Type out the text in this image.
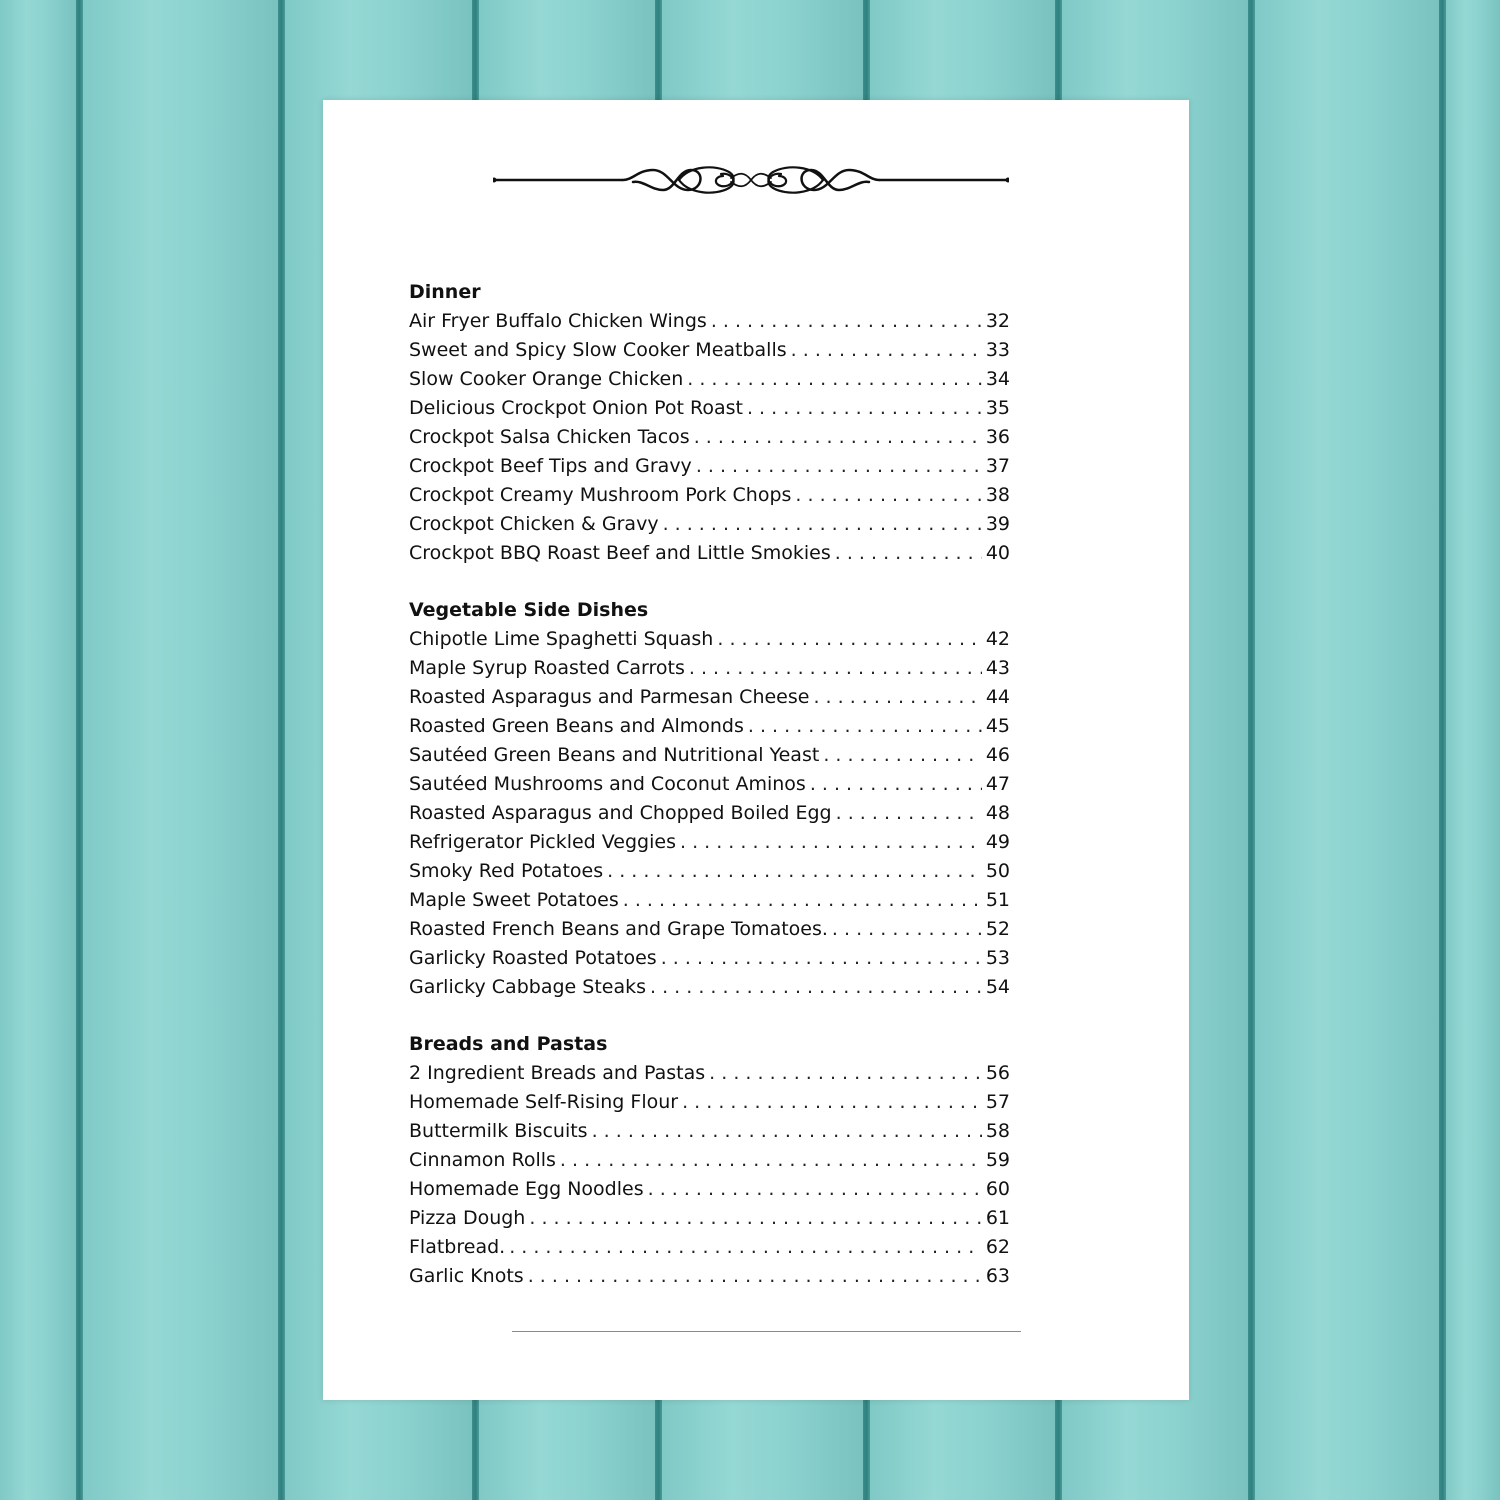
Dinner
Air Fryer Buffalo Chicken Wings . . .	32
Sweet and Spicy Slow Cooker Meatballs . . .	33
Slow Cooker Orange Chicken . . .	34
Delicious Crockpot Onion Pot Roast . . .	35
Crockpot Salsa Chicken Tacos . . .	36
Crockpot Beef Tips and Gravy . . .	37
Crockpot Creamy Mushroom Pork Chops . . .	38
Crockpot Chicken & Gravy . . .	39
Crockpot BBQ Roast Beef and Little Smokies . . .	40
Vegetable Side Dishes
Chipotle Lime Spaghetti Squash . . .	42
Maple Syrup Roasted Carrots . . .	43
Roasted Asparagus and Parmesan Cheese . . .	44
Roasted Green Beans and Almonds . . .	45
Sautéed Green Beans and Nutritional Yeast . . .	46
Sautéed Mushrooms and Coconut Aminos . . .	47
Roasted Asparagus and Chopped Boiled Egg . . .	48
Refrigerator Pickled Veggies . . .	49
Smoky Red Potatoes . . .	50
Maple Sweet Potatoes . . .	51
Roasted French Beans and Grape Tomatoes. . . .	52
Garlicky Roasted Potatoes . . .	53
Garlicky Cabbage Steaks . . .	54
Breads and Pastas
2 Ingredient Breads and Pastas . . .	56
Homemade Self-Rising Flour . . .	57
Buttermilk Biscuits . . .	58
Cinnamon Rolls . . .	59
Homemade Egg Noodles . . .	60
Pizza Dough . . .	61
Flatbread. . . .	62
Garlic Knots . . .	63
